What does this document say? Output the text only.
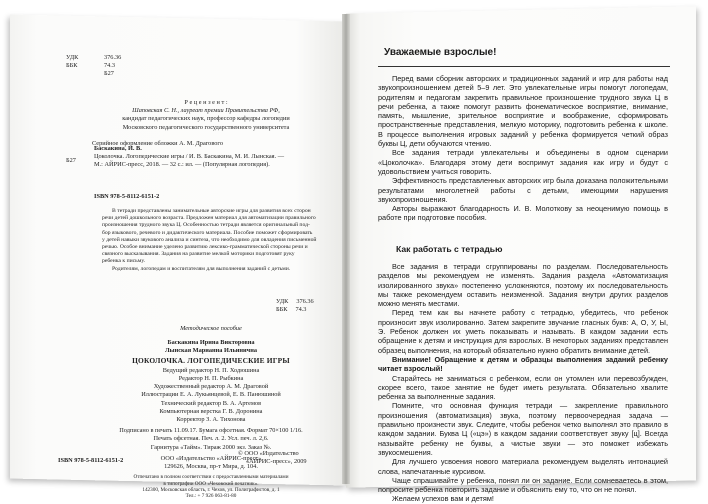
УДК	376.36
ББК	74.3
Б27
Р е ц е н з е н т :
Шаповская С. Н., лауреат премии Правительства РФ,
кандидат педагогических наук, профессор кафедры логопедии
Московского педагогического государственного университета
Серийное оформление обложки А. М. Драгового
Б27
Баскакина, И. В.
Цоколочка. Логопедические игры / И. В. Баскакина, М. И. Лынская. —
М.: АЙРИС-пресс, 2018. — 32 с.: ил. — (Популярная логопедия).
ISBN 978-5-8112-6151-2
В тетради представлены занимательные авторские игры для развития всех сторон
речи детей дошкольного возраста. Предложен материал для автоматизации правильного
произношения трудного звука Ц. Особенностью тетради является оригинальный под-
бор языкового, речевого и дидактического материала. Пособие поможет сформировать
у детей навыки звукового анализа и синтеза, что необходимо для овладения письменной
речью. Особое внимание уделено развитию лексико-грамматической стороны речи и
связного высказывания. Задания на развитие мелкой моторики подготовят руку
ребенка к письму.
Родителям, логопедам и воспитателям для выполнения заданий с детьми.
УДК 376.36
ББК 74.3
Методическое пособие
Баскакина Ирина Викторовна
Лынская Марианна Ильинична
ЦОКОЛОЧКА. ЛОГОПЕДИЧЕСКИЕ ИГРЫ
Ведущий редактор Н. П. Ходюшина
Редактор Н. П. Рыбкина
Художественный редактор А. М. Драговой
Иллюстрации Е. А. Лукьянцевой, Е. В. Панюшиной
Технический редактор В. А. Артемов
Компьютерная верстка Г. В. Доронина
Корректор З. А. Тихонова
Подписано в печать 11.09.17. Бумага офсетная. Формат 70×100 1/16.
Печать офсетная. Печ. л. 2. Усл. печ. л. 2,6.
Гарнитура «Тайм». Тираж 2000 экз. Заказ №.
ООО «Издательство «АЙРИС-пресс»
129626, Москва, пр-т Мира, д. 104.
Отпечатано в полном соответствии с предоставленными материалами
в типографии ООО «Чеховский печатник».
142300, Московская область, г. Чехов, ул. Полиграфистов, д. 1
Тел.: + 7 926 063-81-80
ISBN 978-5-8112-6151-2
© ООО «Издательство
«АЙРИС-пресс», 2009
Уважаемые взрослые!

Перед вами сборник авторских и традиционных заданий и игр для работы над звукопроизношением детей 5–9 лет. Это увлекательные игры помогут логопедам, родителям и педагогам закрепить правильное произношение трудного звука Ц в речи ребенка, а также помогут развить фонематическое восприятие, внимание, память, мышление, зрительное восприятие и воображение, сформировать пространственные представления, мелкую моторику, подготовить ребенка к школе. В процессе выполнения игровых заданий у ребенка формируется четкий образ буквы Ц, дети обучаются чтению.

Все задания тетради увлекательны и объединены в одном сценарии «Цоколочка». Благодаря этому дети воспримут задания как игру и будут с удовольствием учиться говорить.

Эффективность представленных авторских игр была доказана положительными результатами многолетней работы с детьми, имеющими нарушения звукопроизношения.

Авторы выражают благодарность И. В. Молоткову за неоценимую помощь в работе при подготовке пособия.

Как работать с тетрадью

Все задания в тетради сгруппированы по разделам. Последовательность разделов мы рекомендуем не изменять. Задания раздела «Автоматизация изолированного звука» постепенно усложняются, поэтому их последовательность мы также рекомендуем оставить неизменной. Задания внутри других разделов можно менять местами.

Перед тем как вы начнете работу с тетрадью, убедитесь, что ребенок произносит звук изолированно. Затем закрепите звучание гласных букв: А, О, У, Ы, Э. Ребенок должен их уметь показывать и называть. В каждом задании есть обращение к детям и инструкция для взрослых. В некоторых заданиях представлен образец выполнения, на который обязательно нужно обратить внимание детей.

Внимание! Обращение к детям и образцы выполнения заданий ребенку читает взрослый!

Старайтесь не заниматься с ребенком, если он утомлен или перевозбужден, скорее всего, такое занятие не будет иметь результата. Обязательно хвалите ребенка за выполненные задания.

Помните, что основная функция тетради — закрепление правильного произношения (автоматизация) звука, поэтому первоочередная задача — правильно произнести звук. Следите, чтобы ребенок четко выполнял это правило в каждом задании. Буква Ц («цэ») в каждом задании соответствует звуку [ц]. Всегда называйте ребенку не буквы, а чистые звуки — это поможет избежать звукосмешения.

Для лучшего усвоения нового материала рекомендуем выделять интонацией слова, напечатанные курсивом.

Чаще спрашивайте у ребенка, понял ли он задание. Если сомневаетесь в этом, попросите ребенка повторить задание и объяснить ему то, что он не понял.

Желаем успехов вам и детям!
